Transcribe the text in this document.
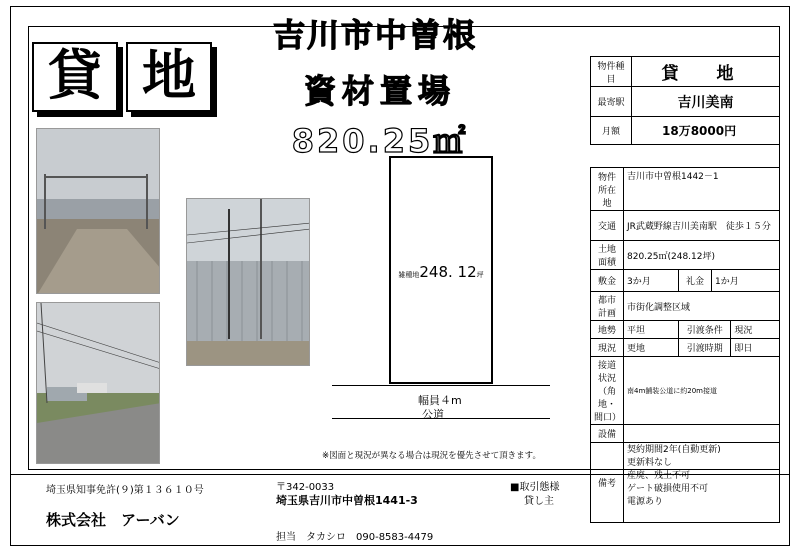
貸 地
吉川市中曽根
資材置場
820.25㎡
雑種地248. 12坪
幅員４m
公道
※図面と現況が異なる場合は現況を優先させて頂きます。
物件種目	貸 地
最寄駅	吉川美南
月額	18万8000円
物件所在地	吉川市中曽根1442－1			
交通	JR武蔵野線吉川美南駅　徒歩１５分			
土地面積	820.25㎡(248.12坪)			
敷金	3か月	礼金	1か月	
都市計画	市街化調整区域			
地勢	平坦	引渡条件		現況
現況	更地	引渡時期		即日
接道状況（角地・間口）	南4m舗装公道に約20m接道			
設備				
備考	契約期間2年(自動更新)
更新料なし
産廃、残土不可
ゲート破損使用不可
電源あり			
埼玉県知事免許(９)第１３６１０号
株式会社　アーバン
〒342-0033
埼玉県吉川市中曽根1441-3
担当　タカシロ　090-8583-4479
■取引態様
貸し主
